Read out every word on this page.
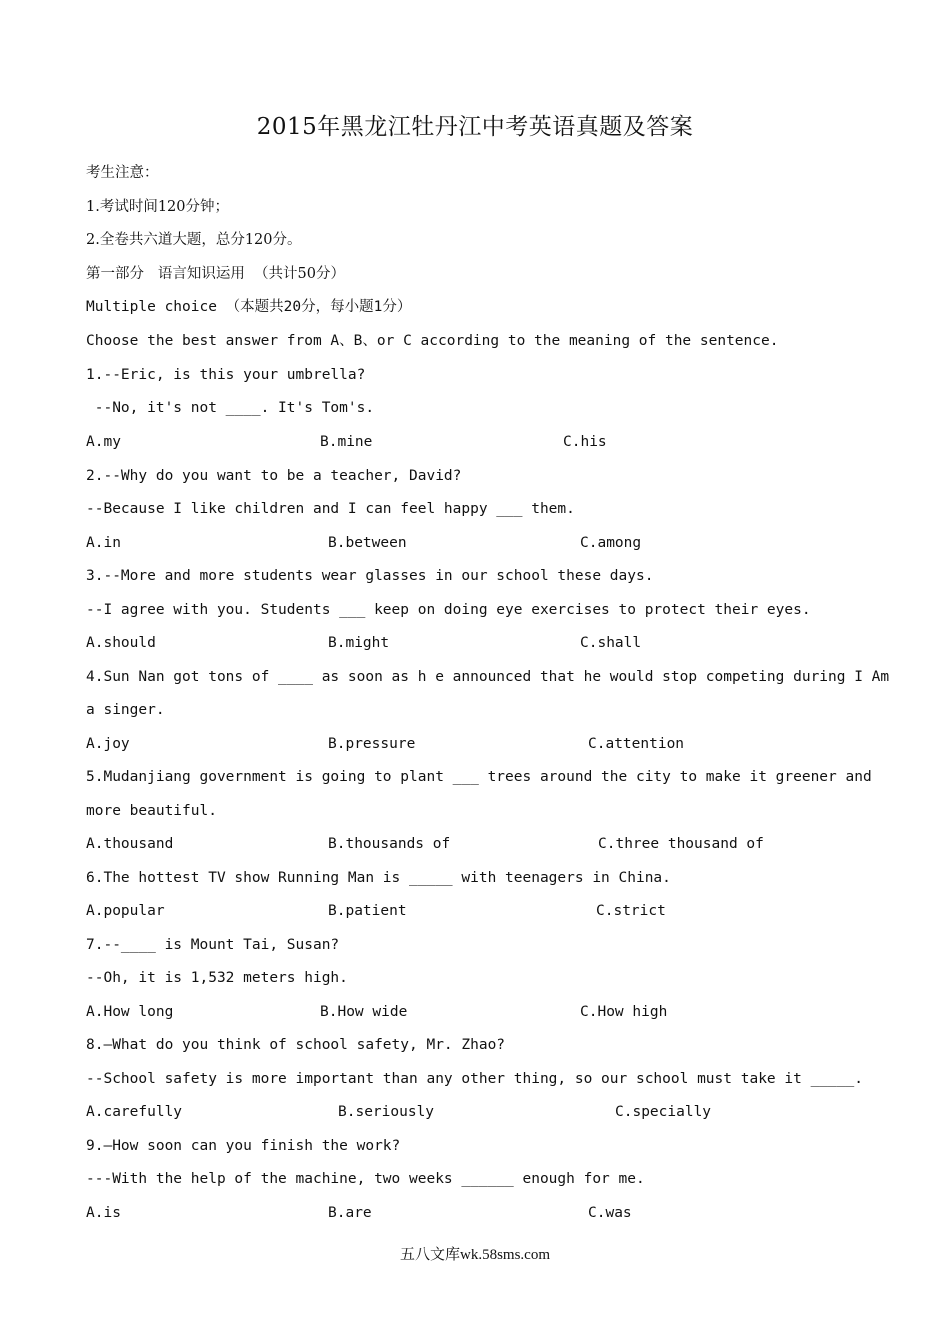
2015年黑龙江牡丹江中考英语真题及答案
考生注意：
1.考试时间120分钟；
2.全卷共六道大题，总分120分。
第一部分   语言知识运用  （共计50分）
Multiple choice （本题共20分，每小题1分）
Choose the best answer from A、B、or C according to the meaning of the sentence.
1.--Eric, is this your umbrella?
--No, it's not ____. It's Tom's.
A.my	B.mine	C.his
2.--Why do you want to be a teacher, David?
--Because I like children and I can feel happy ___ them.
A.in	B.between	C.among
3.--More and more students wear glasses in our school these days.
--I agree with you. Students ___ keep on doing eye exercises to protect their eyes.
A.should	B.might	C.shall
4.Sun Nan got tons of ____ as soon as h e announced that he would stop competing during I Am
a singer.
A.joy	B.pressure	C.attention
5.Mudanjiang government is going to plant ___ trees around the city to make it greener and
more beautiful.
A.thousand	B.thousands of	C.three thousand of
6.The hottest TV show Running Man is _____ with teenagers in China.
A.popular	B.patient	C.strict
7.--____ is Mount Tai, Susan?
--Oh, it is 1,532 meters high.
A.How long	B.How wide	C.How high
8.—What do you think of school safety, Mr. Zhao?
--School safety is more important than any other thing, so our school must take it _____.
A.carefully	B.seriously	C.specially
9.—How soon can you finish the work?
---With the help of the machine, two weeks ______ enough for me.
A.is	B.are	C.was
五八文库wk.58sms.com
